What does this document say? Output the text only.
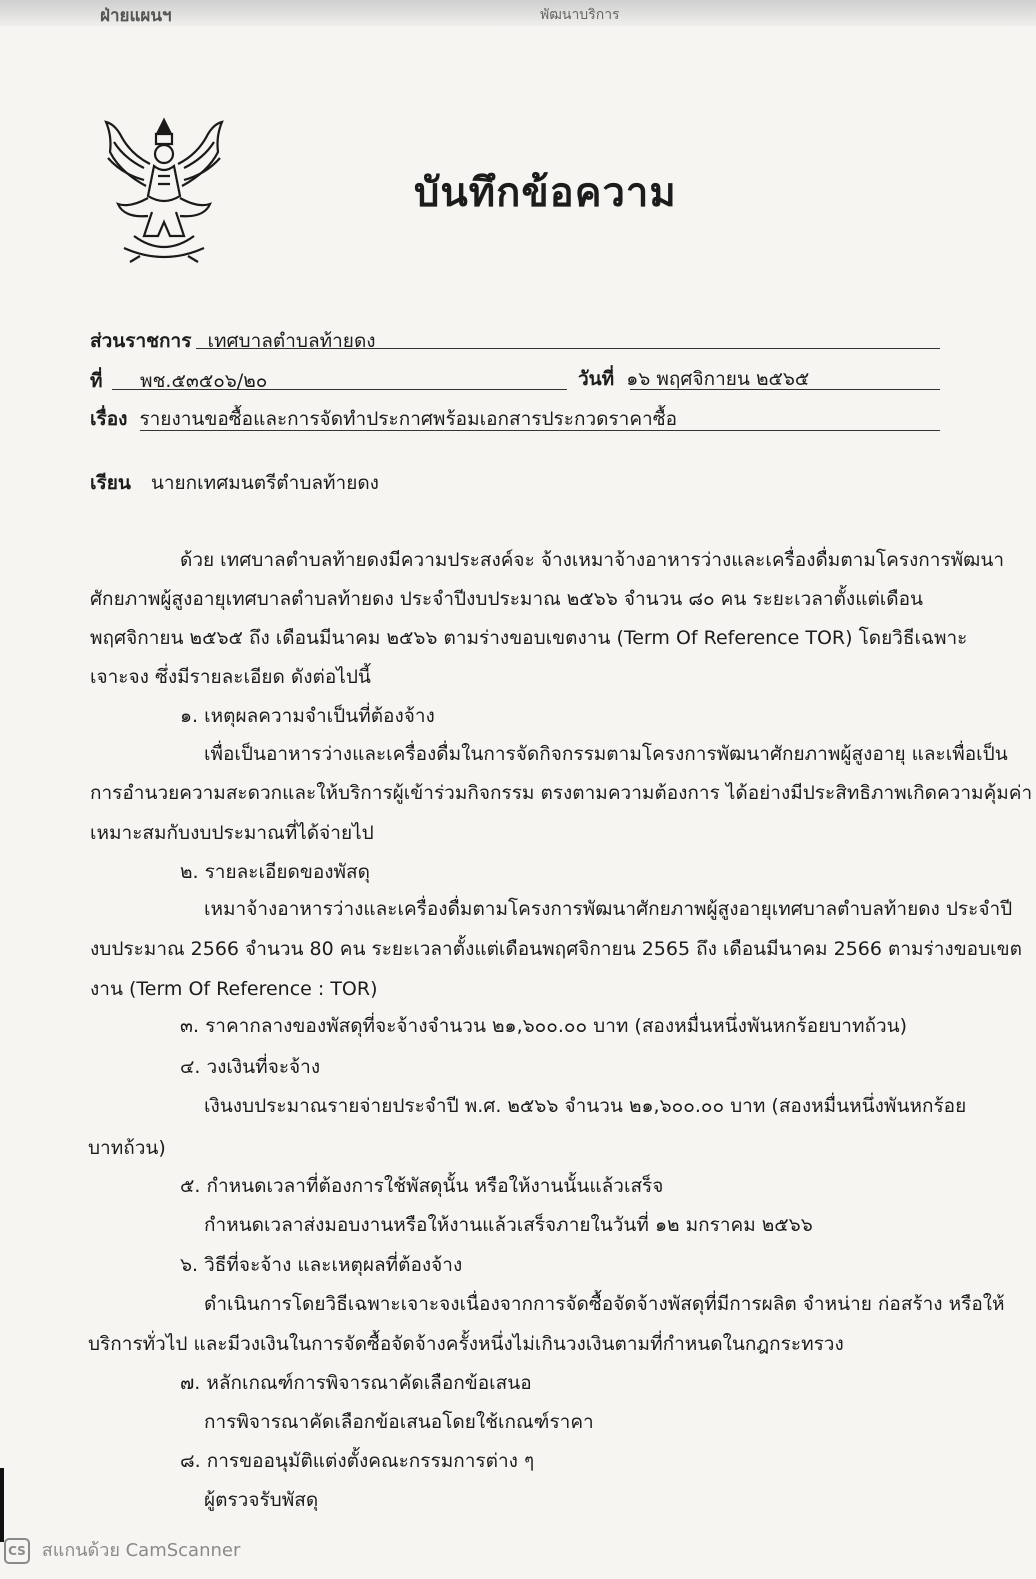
ฝ่ายแผนฯ	พัฒนาบริการ
บันทึกข้อความ
ส่วนราชการ เทศบาลตำบลท้ายดง
ที่ พช.๕๓๕๐๖/๒๐	วันที่ ๑๖ พฤศจิกายน ๒๕๖๕
เรื่อง รายงานขอซื้อและการจัดทำประกาศพร้อมเอกสารประกวดราคาซื้อ
เรียน นายกเทศมนตรีตำบลท้ายดง
ด้วย เทศบาลตำบลท้ายดงมีความประสงค์จะ จ้างเหมาจ้างอาหารว่างและเครื่องดื่มตามโครงการพัฒนา
ศักยภาพผู้สูงอายุเทศบาลตำบลท้ายดง ประจำปีงบประมาณ ๒๕๖๖ จำนวน ๘๐ คน ระยะเวลาตั้งแต่เดือน
พฤศจิกายน ๒๕๖๕ ถึง เดือนมีนาคม ๒๕๖๖ ตามร่างขอบเขตงาน (Term Of Reference TOR) โดยวิธีเฉพาะ
เจาะจง ซึ่งมีรายละเอียด ดังต่อไปนี้
๑. เหตุผลความจำเป็นที่ต้องจ้าง
เพื่อเป็นอาหารว่างและเครื่องดื่มในการจัดกิจกรรมตามโครงการพัฒนาศักยภาพผู้สูงอายุ และเพื่อเป็น
การอำนวยความสะดวกและให้บริการผู้เข้าร่วมกิจกรรม ตรงตามความต้องการ ได้อย่างมีประสิทธิภาพเกิดความคุ้มค่า
เหมาะสมกับงบประมาณที่ได้จ่ายไป
๒. รายละเอียดของพัสดุ
เหมาจ้างอาหารว่างและเครื่องดื่มตามโครงการพัฒนาศักยภาพผู้สูงอายุเทศบาลตำบลท้ายดง ประจำปี
งบประมาณ 2566 จำนวน 80 คน ระยะเวลาตั้งแต่เดือนพฤศจิกายน 2565 ถึง เดือนมีนาคม 2566 ตามร่างขอบเขต
งาน (Term Of Reference : TOR)
๓. ราคากลางของพัสดุที่จะจ้างจำนวน ๒๑,๖๐๐.๐๐ บาท (สองหมื่นหนึ่งพันหกร้อยบาทถ้วน)
๔. วงเงินที่จะจ้าง
เงินงบประมาณรายจ่ายประจำปี พ.ศ. ๒๕๖๖ จำนวน ๒๑,๖๐๐.๐๐ บาท (สองหมื่นหนึ่งพันหกร้อย
บาทถ้วน)
๕. กำหนดเวลาที่ต้องการใช้พัสดุนั้น หรือให้งานนั้นแล้วเสร็จ
กำหนดเวลาส่งมอบงานหรือให้งานแล้วเสร็จภายในวันที่ ๑๒ มกราคม ๒๕๖๖
๖. วิธีที่จะจ้าง และเหตุผลที่ต้องจ้าง
ดำเนินการโดยวิธีเฉพาะเจาะจงเนื่องจากการจัดซื้อจัดจ้างพัสดุที่มีการผลิต จำหน่าย ก่อสร้าง หรือให้
บริการทั่วไป และมีวงเงินในการจัดซื้อจัดจ้างครั้งหนึ่งไม่เกินวงเงินตามที่กำหนดในกฎกระทรวง
๗. หลักเกณฑ์การพิจารณาคัดเลือกข้อเสนอ
การพิจารณาคัดเลือกข้อเสนอโดยใช้เกณฑ์ราคา
๘. การขออนุมัติแต่งตั้งคณะกรรมการต่าง ๆ
ผู้ตรวจรับพัสดุ
CS สแกนด้วย CamScanner
